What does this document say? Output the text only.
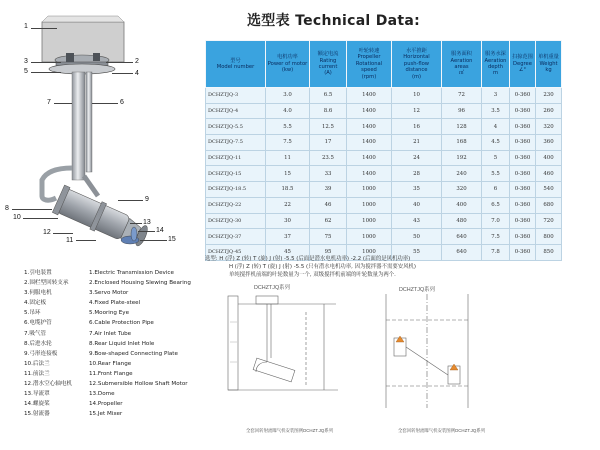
1
2
3
4
5
6
7
8
9
10
11
12
13
14
15
选型表 Technical Data:
型号
Model number	电机功率
Power of motor
(kw)	额定电流
Rating
current
(A)	叶轮转速
Propeller
Rotational
speed
(rpm)	水平推距
Horizontal
push-flow
distance
(m)	服务面积
Aeration
areas
㎡	服务水深
Aeration
depth
m	扫掠范围
Degree
∠°	单机重量
Weight
kg
DCHZTJQ-3	3.0	6.5	1400	10	72	3	0-360	230
DCHZTJQ-4	4.0	8.6	1400	12	96	3.5	0-360	260
DCHZTJQ-5.5	5.5	12.5	1400	16	128	4	0-360	320
DCHZTJQ-7.5	7.5	17	1400	21	168	4.5	0-360	360
DCHZTJQ-11	11	23.5	1400	24	192	5	0-360	400
DCHZTJQ-15	15	33	1400	28	240	5.5	0-360	460
DCHZTJQ-18.5	18.5	39	1000	35	320	6	0-360	540
DCHZTJQ-22	22	46	1000	40	400	6.5	0-360	680
DCHZTJQ-30	30	62	1000	43	480	7.0	0-360	720
DCHZTJQ-37	37	75	1000	50	640	7.5	0-360	800
DCHZTJQ-45	45	95	1000	55	640	7.8	0-360	850
选型: H (浮) Z (转) T (旋) J (射) -5.5 (后面是潜水电机功率) -2.2 (后面的是风机功率)
H (浮) Z (转) T (旋) J (射) -5.5 (只有潜水电机功率, 因为搅拌器不需要安风机)
单纯搅拌机前端的叶轮数量为一个, 双级搅拌机前端的叶轮数量为两个.
1.引电装置
2.围栏型回转支承
3.伺服电机
4.固定板
5.吊环
6.电缆护管
7.吸气管
8.后进水轮
9.弓形连接板
10.后法兰
11.前法兰
12.潜水空心轴电机
13.导流罩
14.螺旋桨
15.射流器
1.Electric Transmission Device
2.Enclosed Housing Slewing Bearing
3.Servo Motor
4.Fixed Plate-steel
5.Mooring Eye
6.Cable Protection Pipe
7.Air Inlet Tube
8.Rear Liquid Inlet Hole
9.Bow-shaped Connecting Plate
10.Rear Flange
11.Front Flange
12.Submersible Hollow Shaft Motor
13.Dome
14.Propeller
15.Jet Mixer
DCHZTJQ系列	DCHZTJQ系列
全套回转射流曝气机安装图例DCHZT.JQ系列	全套回转射流曝气机安装图例DCHZT.JQ系列
